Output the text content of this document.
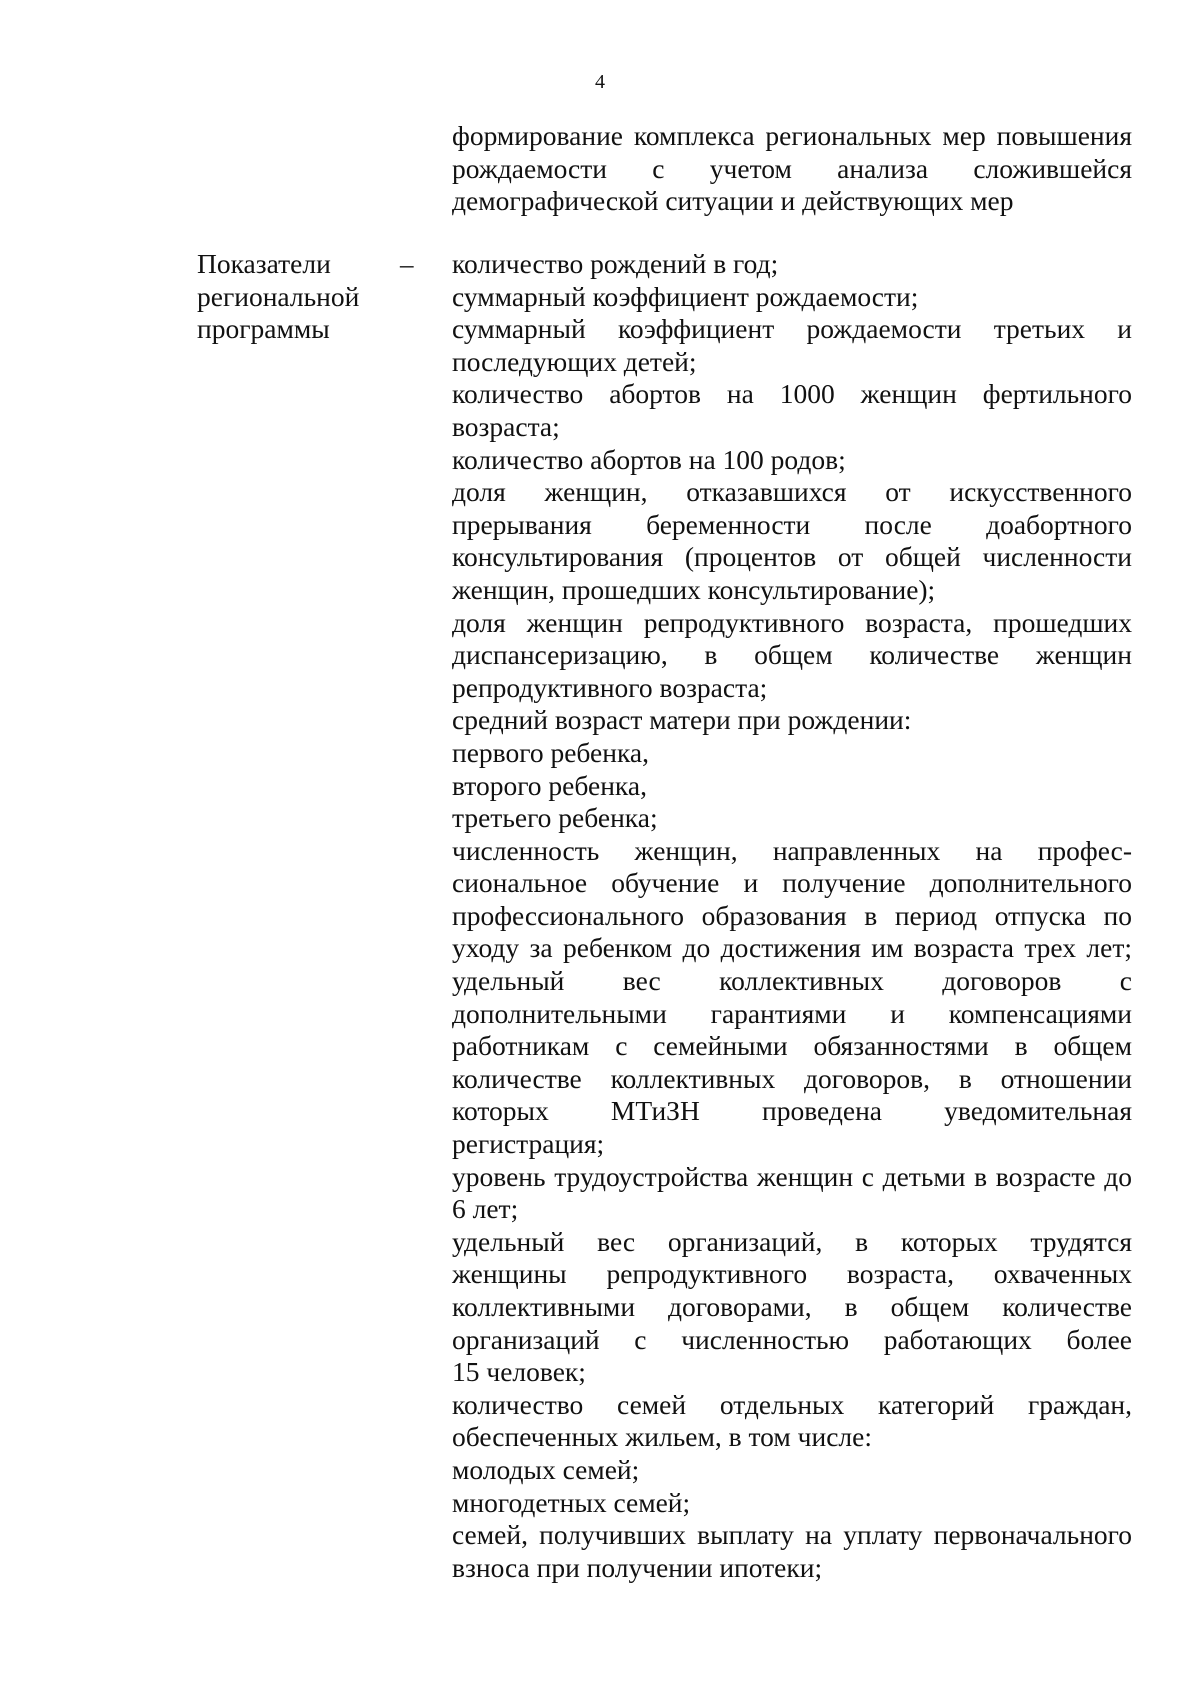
4
формирование комплекса региональных мер повышения
рождаемости с учетом анализа сложившейся
демографической ситуации и действующих мер
Показатели
региональной
программы
– количество рождений в год;
суммарный коэффициент рождаемости;
суммарный коэффициент рождаемости третьих и
последующих детей;
количество абортов на 1000 женщин фертильного
возраста;
количество абортов на 100 родов;
доля женщин, отказавшихся от искусственного
прерывания беременности после доабортного
консультирования (процентов от общей численности
женщин, прошедших консультирование);
доля женщин репродуктивного возраста, прошедших
диспансеризацию, в общем количестве женщин
репродуктивного возраста;
средний возраст матери при рождении:
первого ребенка,
второго ребенка,
третьего ребенка;
численность женщин, направленных на профес-
сиональное обучение и получение дополнительного
профессионального образования в период отпуска по
уходу за ребенком до достижения им возраста трех лет;
удельный вес коллективных договоров с
дополнительными гарантиями и компенсациями
работникам с семейными обязанностями в общем
количестве коллективных договоров, в отношении
которых МТиЗН проведена уведомительная
регистрация;
уровень трудоустройства женщин с детьми в возрасте до
6 лет;
удельный вес организаций, в которых трудятся
женщины репродуктивного возраста, охваченных
коллективными договорами, в общем количестве
организаций с численностью работающих более
15 человек;
количество семей отдельных категорий граждан,
обеспеченных жильем, в том числе:
молодых семей;
многодетных семей;
семей, получивших выплату на уплату первоначального
взноса при получении ипотеки;
